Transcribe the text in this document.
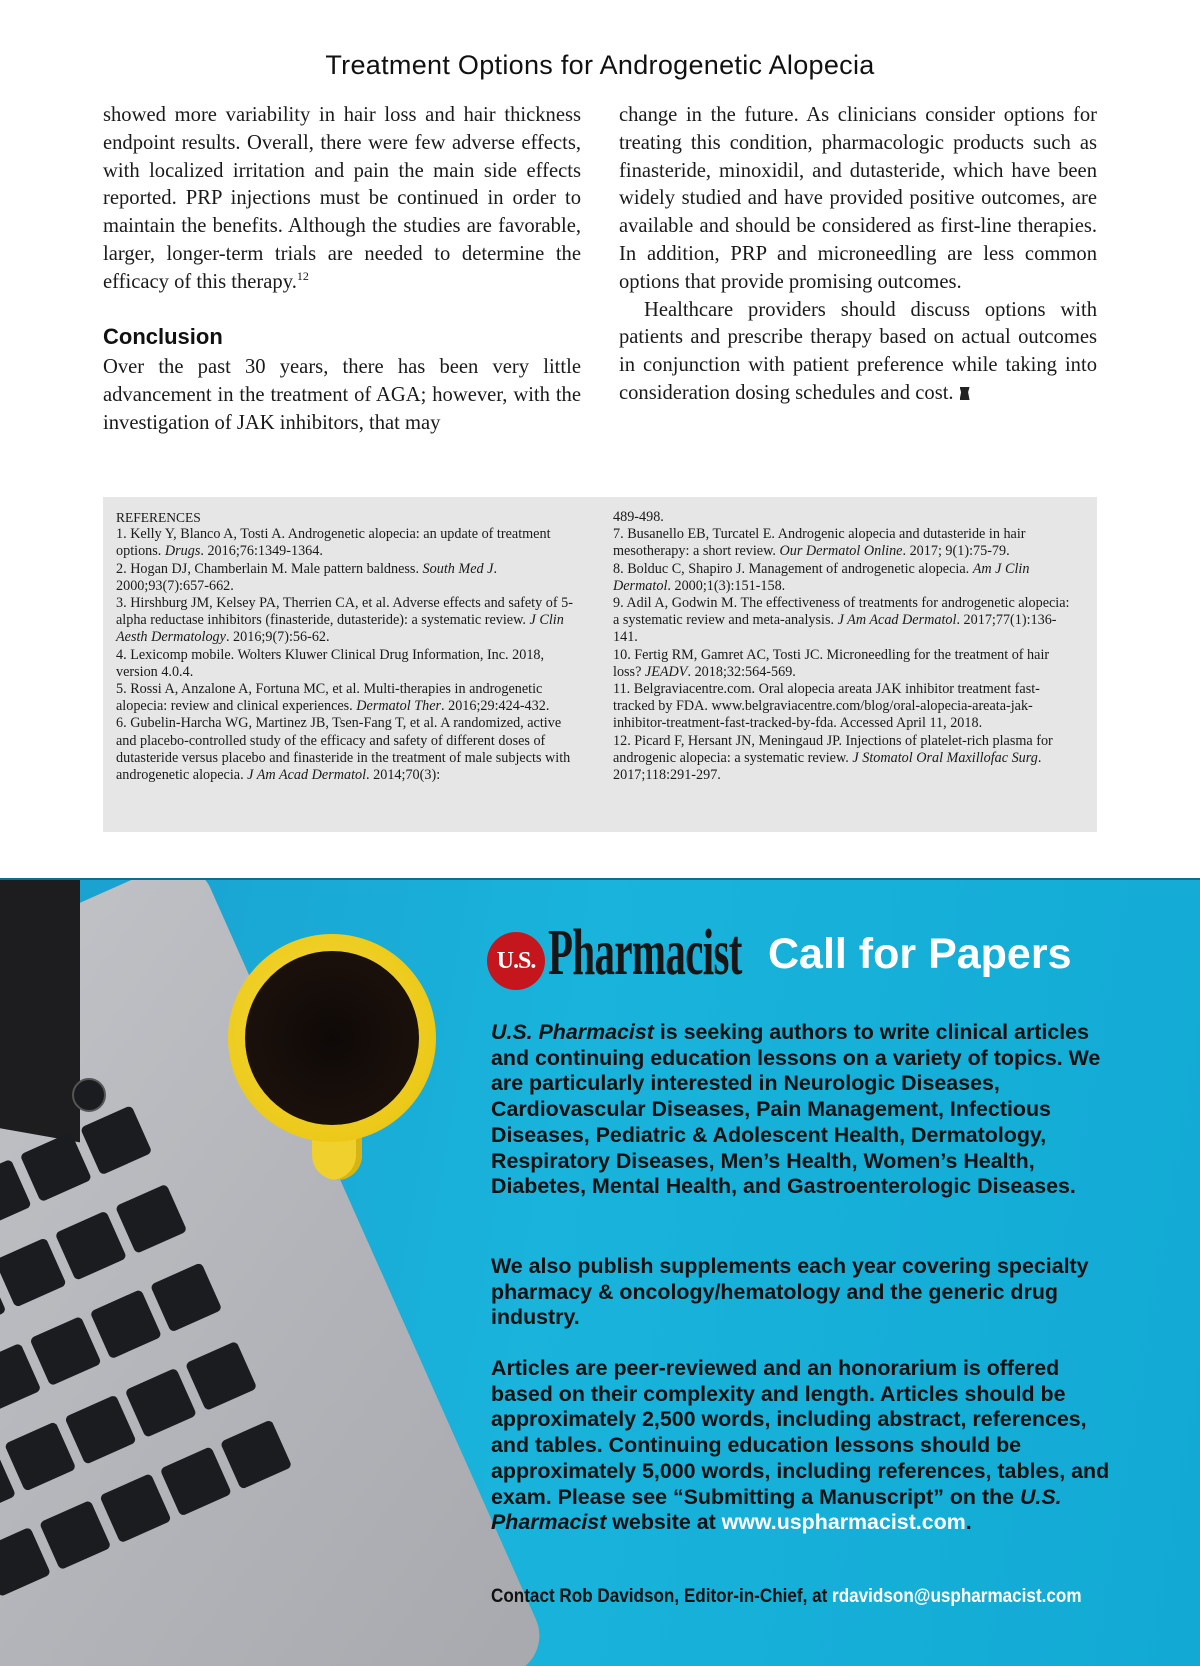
Treatment Options for Androgenetic Alopecia

showed more variability in hair loss and hair thickness endpoint results. Overall, there were few adverse effects, with localized irritation and pain the main side effects reported. PRP injections must be continued in order to maintain the benefits. Although the studies are favorable, larger, longer-term trials are needed to determine the efficacy of this therapy.$^{12}$

Conclusion

Over the past 30 years, there has been very little advancement in the treatment of AGA; however, with the investigation of JAK inhibitors, that may

change in the future. As clinicians consider options for treating this condition, pharmacologic products such as finasteride, minoxidil, and dutasteride, which have been widely studied and have provided positive outcomes, are available and should be considered as first-line therapies. In addition, PRP and microneedling are less common options that provide promising outcomes.

Healthcare providers should discuss options with patients and prescribe therapy based on actual outcomes in conjunction with patient preference while taking into consideration dosing schedules and cost.

REFERENCES

1. Kelly Y, Blanco A, Tosti A. Androgenetic alopecia: an update of treatment options. Drugs. 2016;76:1349-1364.

2. Hogan DJ, Chamberlain M. Male pattern baldness. South Med J. 2000;93(7):657-662.

3. Hirshburg JM, Kelsey PA, Therrien CA, et al. Adverse effects and safety of 5-alpha reductase inhibitors (finasteride, dutasteride): a systematic review. J Clin Aesth Dermatology. 2016;9(7):56-62.

4. Lexicomp mobile. Wolters Kluwer Clinical Drug Information, Inc. 2018, version 4.0.4.

5. Rossi A, Anzalone A, Fortuna MC, et al. Multi-therapies in androgenetic alopecia: review and clinical experiences. Dermatol Ther. 2016;29:424-432.

6. Gubelin-Harcha WG, Martinez JB, Tsen-Fang T, et al. A randomized, active and placebo-controlled study of the efficacy and safety of different doses of dutasteride versus placebo and finasteride in the treatment of male subjects with androgenetic alopecia. J Am Acad Dermatol. 2014;70(3):

489-498.

7. Busanello EB, Turcatel E. Androgenic alopecia and dutasteride in hair mesotherapy: a short review. Our Dermatol Online. 2017; 9(1):75-79.

8. Bolduc C, Shapiro J. Management of androgenetic alopecia. Am J Clin Dermatol. 2000;1(3):151-158.

9. Adil A, Godwin M. The effectiveness of treatments for androgenetic alopecia: a systematic review and meta-analysis. J Am Acad Dermatol. 2017;77(1):136-141.

10. Fertig RM, Gamret AC, Tosti JC. Microneedling for the treatment of hair loss? JEADV. 2018;32:564-569.

11. Belgraviacentre.com. Oral alopecia areata JAK inhibitor treatment fast-tracked by FDA. www.belgraviacentre.com/blog/oral-alopecia-areata-jak-inhibitor-treatment-fast-tracked-by-fda. Accessed April 11, 2018.

12. Picard F, Hersant JN, Meningaud JP. Injections of platelet-rich plasma for androgenic alopecia: a systematic review. J Stomatol Oral Maxillofac Surg. 2017;118:291-297.

U.S. Pharmacist Call for Papers

U.S. Pharmacist is seeking authors to write clinical articles and continuing education lessons on a variety of topics. We are particularly interested in Neurologic Diseases, Cardiovascular Diseases, Pain Management, Infectious Diseases, Pediatric & Adolescent Health, Dermatology, Respiratory Diseases, Men’s Health, Women’s Health, Diabetes, Mental Health, and Gastroenterologic Diseases.

We also publish supplements each year covering specialty pharmacy & oncology/hematology and the generic drug industry.

Articles are peer-reviewed and an honorarium is offered based on their complexity and length. Articles should be approximately 2,500 words, including abstract, references, and tables. Continuing education lessons should be approximately 5,000 words, including references, tables, and exam. Please see “Submitting a Manuscript” on the U.S. Pharmacist website at www.uspharmacist.com.

Contact Rob Davidson, Editor-in-Chief, at rdavidson@uspharmacist.com
